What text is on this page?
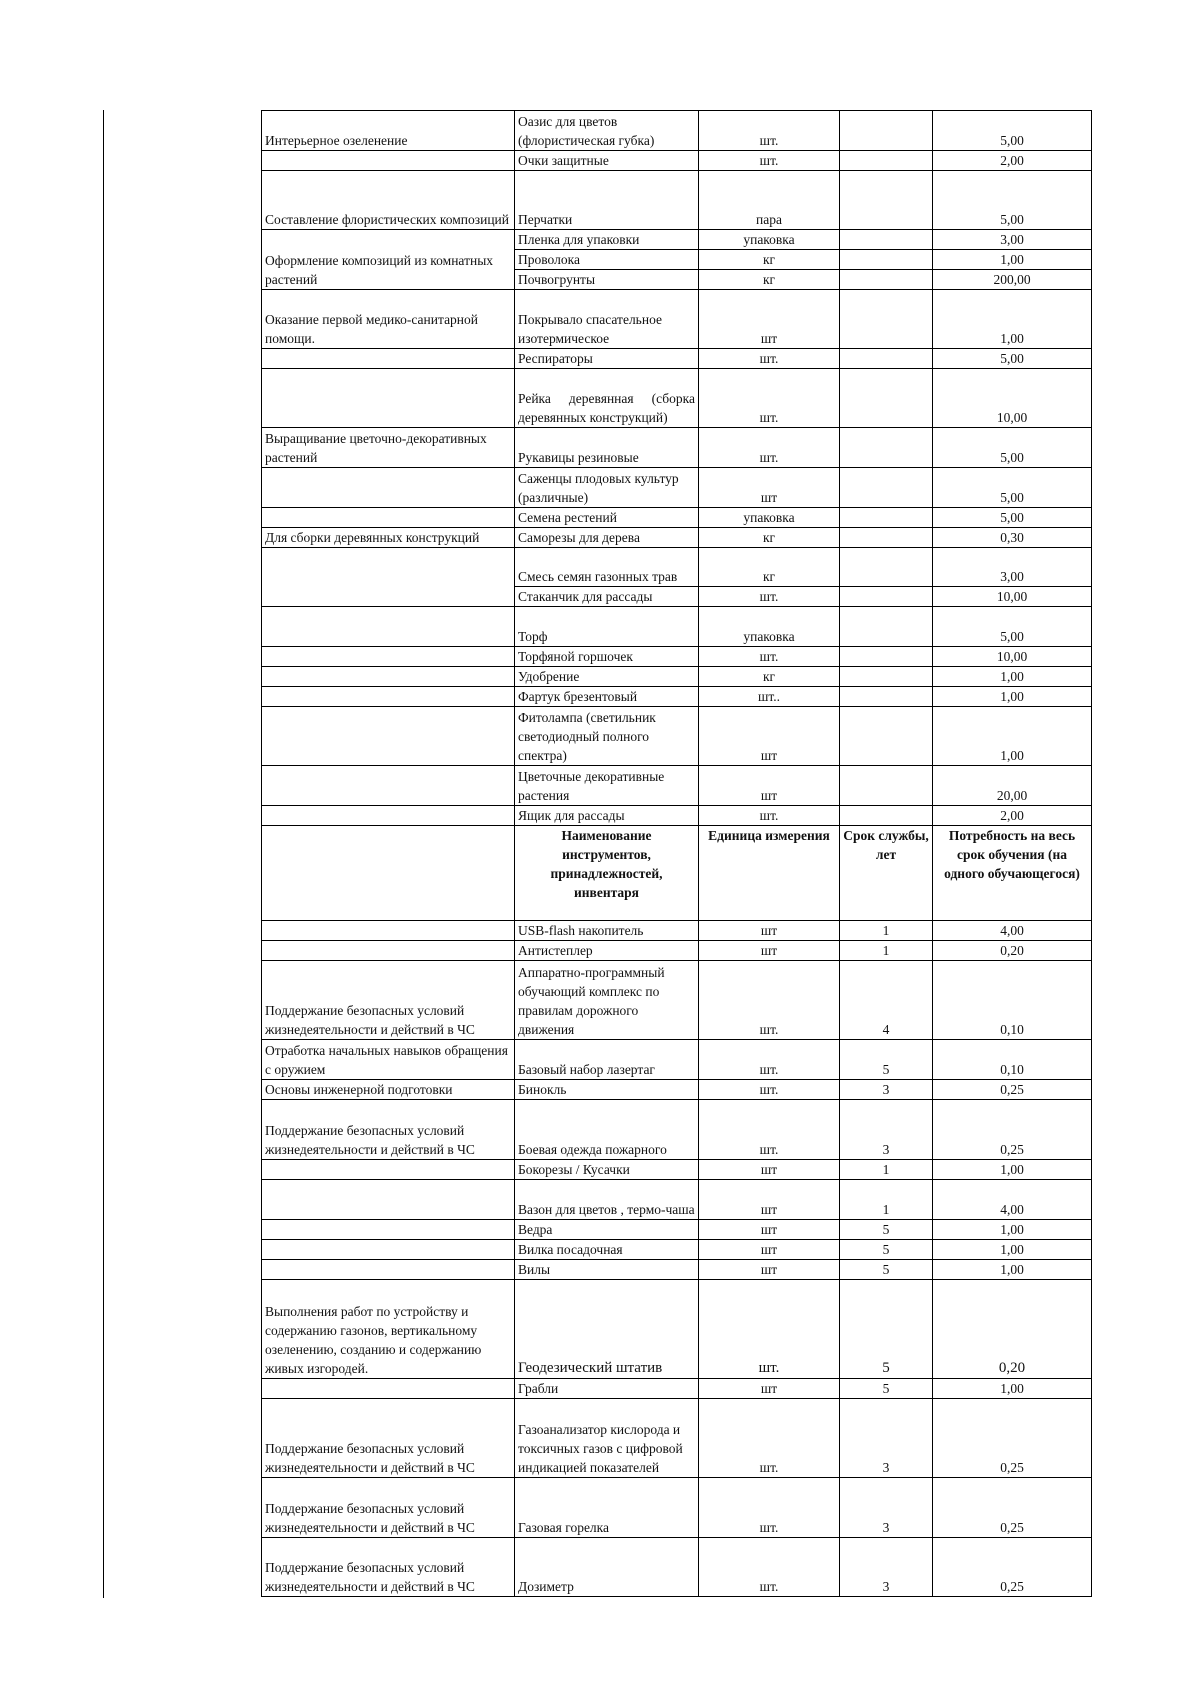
Интерьерное озеленение	Оазис для цветов (флористическая губка)	шт.		5,00
	Очки защитные	шт.		2,00
Составление флористических композиций	Перчатки	пара		5,00
Оформление композиций из комнатных растений	Пленка для упаковки	упаковка		3,00
	Проволока	кг		1,00
	Почвогрунты	кг		200,00
Оказание первой медико-санитарной помощи.	Покрывало спасательное изотермическое	шт		1,00
	Респираторы	шт.		5,00
	Рейка деревянная (сборка деревянных конструкций)	шт.		10,00
Выращивание цветочно-декоративных растений	Рукавицы резиновые	шт.		5,00
	Саженцы плодовых культур (различные)	шт		5,00
	Семена рестений	упаковка		5,00
Для сборки деревянных конструкций	Саморезы для дерева	кг		0,30
	Смесь семян газонных трав	кг		3,00
	Стаканчик для рассады	шт.		10,00
	Торф	упаковка		5,00
	Торфяной горшочек	шт.		10,00
	Удобрение	кг		1,00
	Фартук брезентовый	шт..		1,00
	Фитолампа (светильник светодиодный полного спектра)	шт		1,00
	Цветочные декоративные растения	шт		20,00
	Ящик для рассады	шт.		2,00
	Наименование инструментов, принадлежностей, инвентаря	Единица измерения	Срок службы, лет	Потребность на весь срок обучения (на одного обучающегося)
	USB-flash накопитель	шт	1	4,00
	Антистеплер	шт	1	0,20
Поддержание безопасных условий жизнедеятельности и действий в ЧС	Аппаратно-программный обучающий комплекс по правилам дорожного движения	шт.	4	0,10
Отработка начальных навыков обращения с оружием	Базовый набор лазертаг	шт.	5	0,10
Основы инженерной подготовки	Бинокль	шт.	3	0,25
Поддержание безопасных условий жизнедеятельности и действий в ЧС	Боевая одежда пожарного	шт.	3	0,25
	Бокорезы / Кусачки	шт	1	1,00
	Вазон для цветов , термо-чаша	шт	1	4,00
	Ведра	шт	5	1,00
	Вилка посадочная	шт	5	1,00
	Вилы	шт	5	1,00
Выполнения работ по устройству и содержанию газонов, вертикальному озеленению, созданию и содержанию живых изгородей.	Геодезический штатив	шт.	5	0,20
	Грабли	шт	5	1,00
Поддержание безопасных условий жизнедеятельности и действий в ЧС	Газоанализатор кислорода и токсичных газов с цифровой индикацией показателей	шт.	3	0,25
Поддержание безопасных условий жизнедеятельности и действий в ЧС	Газовая горелка	шт.	3	0,25
Поддержание безопасных условий жизнедеятельности и действий в ЧС	Дозиметр	шт.	3	0,25
